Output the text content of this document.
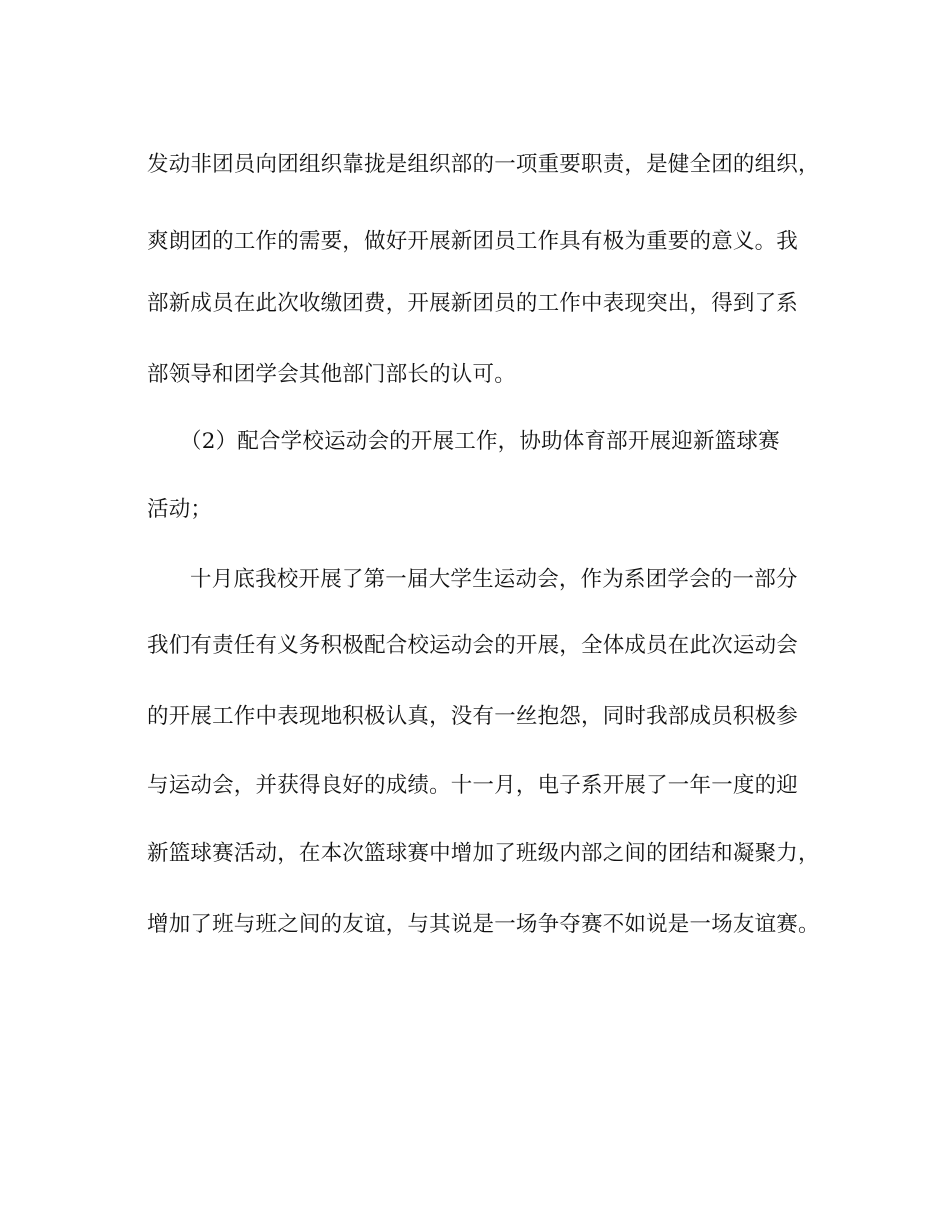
发动非团员向团组织靠拢是组织部的一项重要职责，是健全团的组织，
爽朗团的工作的需要，做好开展新团员工作具有极为重要的意义。我
部新成员在此次收缴团费，开展新团员的工作中表现突出，得到了系
部领导和团学会其他部门部长的认可。
（2）配合学校运动会的开展工作，协助体育部开展迎新篮球赛
活动；
十月底我校开展了第一届大学生运动会，作为系团学会的一部分
我们有责任有义务积极配合校运动会的开展，全体成员在此次运动会
的开展工作中表现地积极认真，没有一丝抱怨，同时我部成员积极参
与运动会，并获得良好的成绩。十一月，电子系开展了一年一度的迎
新篮球赛活动，在本次篮球赛中增加了班级内部之间的团结和凝聚力，
增加了班与班之间的友谊，与其说是一场争夺赛不如说是一场友谊赛。
